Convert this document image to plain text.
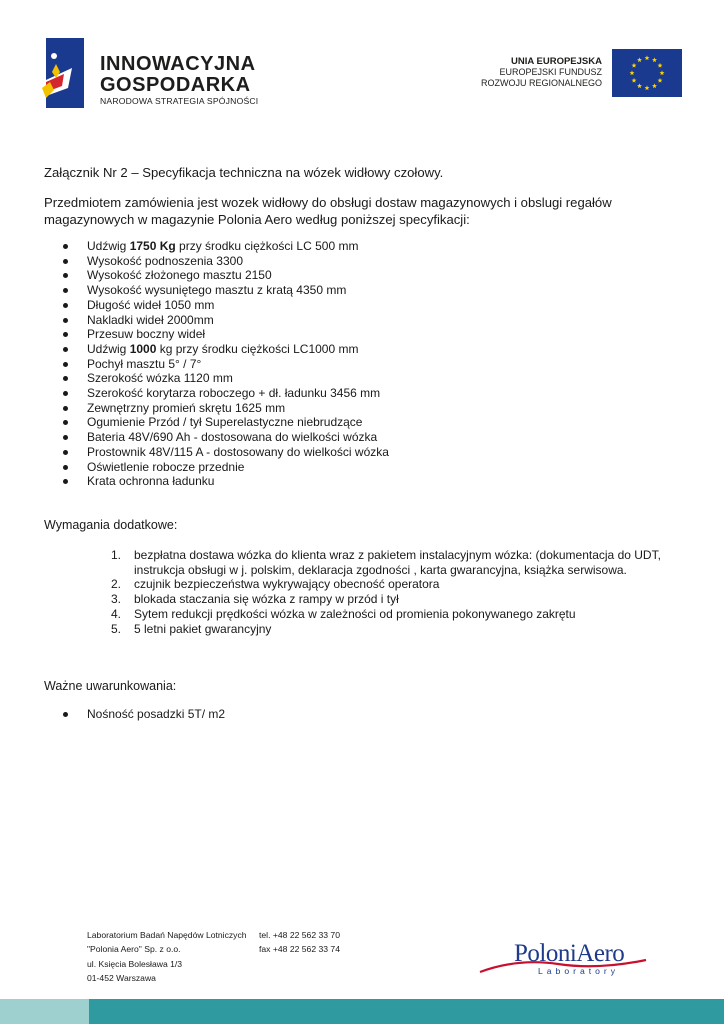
INNOWACYJNA
GOSPODARKA
NARODOWA STRATEGIA SPÓJNOŚCI
UNIA EUROPEJSKA
EUROPEJSKI FUNDUSZ
ROZWOJU REGIONALNEGO
Załącznik Nr 2 – Specyfikacja techniczna na wózek widłowy czołowy.
Przedmiotem zamówienia jest wozek widłowy do obsługi dostaw magazynowych i obslugi regałów
magazynowych w magazynie Polonia Aero według poniższej specyfikacji:
Udźwig 1750 Kg przy środku ciężkości LC 500 mm
Wysokość podnoszenia 3300
Wysokość złożonego masztu 2150
Wysokość wysuniętego masztu z kratą 4350 mm
Długość wideł 1050 mm
Nakladki wideł 2000mm
Przesuw boczny wideł
Udźwig 1000 kg przy środku ciężkości LC1000 mm
Pochył masztu 5° / 7°
Szerokość wózka 1120 mm
Szerokość korytarza roboczego + dł. ładunku 3456 mm
Zewnętrzny promień skrętu 1625 mm
Ogumienie Przód / tył Superelastyczne niebrudzące
Bateria 48V/690 Ah - dostosowana do wielkości wózka
Prostownik 48V/115 A - dostosowany do wielkości wózka
Oświetlenie robocze przednie
Krata ochronna ładunku
Wymagania dodatkowe:
1. bezpłatna dostawa wózka do klienta wraz z pakietem instalacyjnym wózka: (dokumentacja do UDT, instrukcja obsługi w j. polskim, deklaracja zgodności , karta gwarancyjna, książka serwisowa.
2. czujnik bezpieczeństwa wykrywający obecność operatora
3. blokada staczania się wózka z rampy w przód i tył
4. Sytem redukcji prędkości wózka w zależności od promienia pokonywanego zakrętu
5. 5 letni pakiet gwarancyjny
Ważne uwarunkowania:
Nośność posadzki 5T/ m2
Laboratorium Badań Napędów Lotniczych
"Polonia Aero" Sp. z o.o.
ul. Księcia Bolesława 1/3
01-452 Warszawa
tel. +48 22 562 33 70
fax +48 22 562 33 74	PoloniAero
Laboratory
